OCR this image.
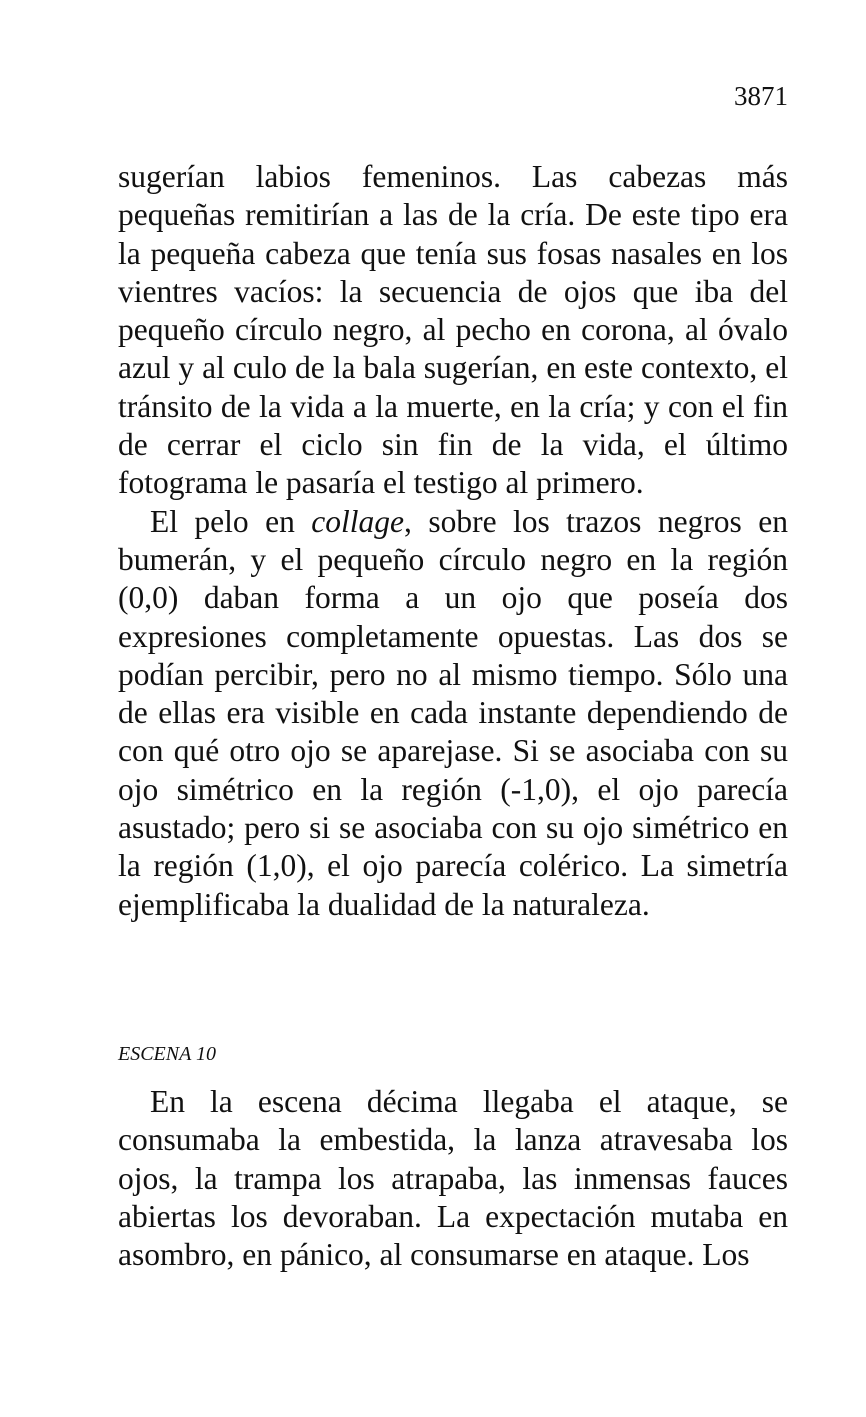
3871

sugerían labios femeninos. Las cabezas más pequeñas remitirían a las de la cría. De este tipo era la pequeña cabeza que tenía sus fosas nasales en los vientres vacíos: la secuencia de ojos que iba del pequeño círculo negro, al pecho en corona, al óvalo azul y al culo de la bala sugerían, en este contexto, el tránsito de la vida a la muerte, en la cría; y con el fin de cerrar el ciclo sin fin de la vida, el último fotograma le pasaría el testigo al primero.

El pelo en collage, sobre los trazos negros en bumerán, y el pequeño círculo negro en la región (0,0) daban forma a un ojo que poseía dos expresiones completamente opuestas. Las dos se podían percibir, pero no al mismo tiempo. Sólo una de ellas era visible en cada instante dependiendo de con qué otro ojo se aparejase. Si se asociaba con su ojo simétrico en la región (-1,0), el ojo parecía asustado; pero si se asociaba con su ojo simétrico en la región (1,0), el ojo parecía colérico. La simetría ejemplificaba la dualidad de la naturaleza.

ESCENA 10

En la escena décima llegaba el ataque, se consumaba la embestida, la lanza atravesaba los ojos, la trampa los atrapaba, las inmensas fauces abiertas los devoraban. La expectación mutaba en asombro, en pánico, al consumarse en ataque. Los
